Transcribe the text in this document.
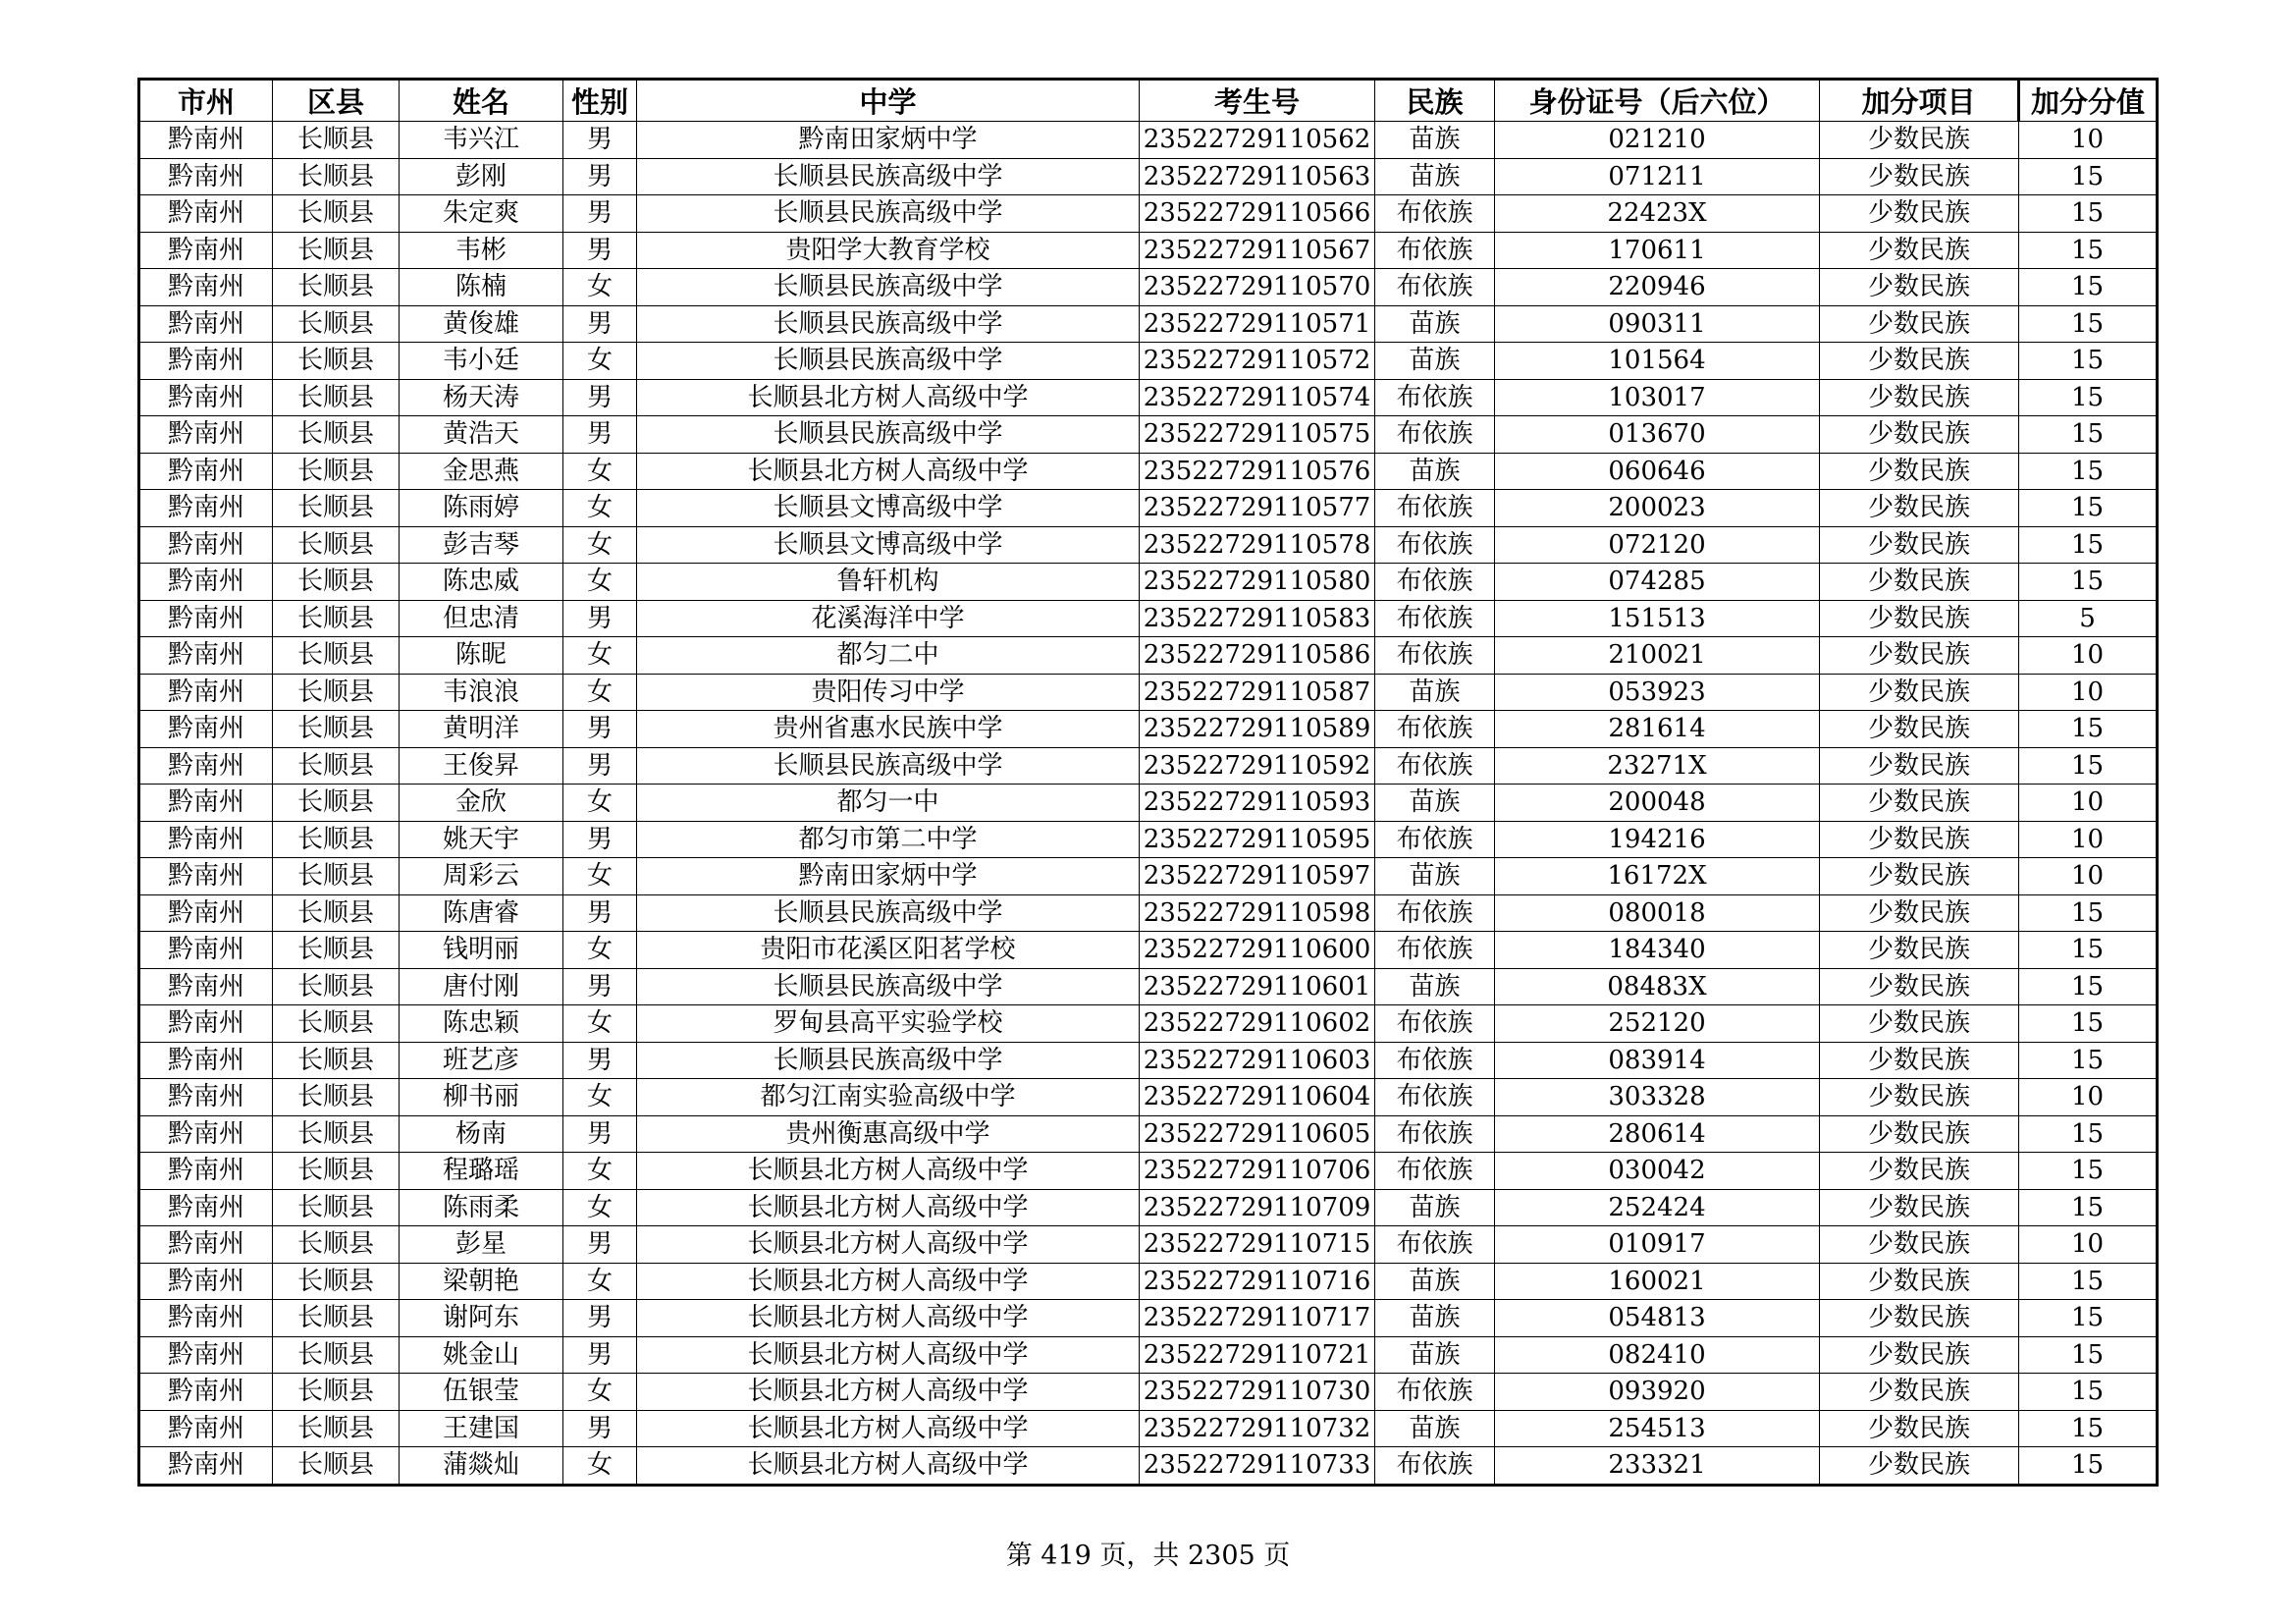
市州	区县	姓名	性别	中学	考生号	民族	身份证号（后六位）	加分项目	加分分值
黔南州	长顺县	韦兴江	男	黔南田家炳中学	23522729110562	苗族	021210	少数民族	10
黔南州	长顺县	彭刚	男	长顺县民族高级中学	23522729110563	苗族	071211	少数民族	15
黔南州	长顺县	朱定爽	男	长顺县民族高级中学	23522729110566	布依族	22423X	少数民族	15
黔南州	长顺县	韦彬	男	贵阳学大教育学校	23522729110567	布依族	170611	少数民族	15
黔南州	长顺县	陈楠	女	长顺县民族高级中学	23522729110570	布依族	220946	少数民族	15
黔南州	长顺县	黄俊雄	男	长顺县民族高级中学	23522729110571	苗族	090311	少数民族	15
黔南州	长顺县	韦小廷	女	长顺县民族高级中学	23522729110572	苗族	101564	少数民族	15
黔南州	长顺县	杨天涛	男	长顺县北方树人高级中学	23522729110574	布依族	103017	少数民族	15
黔南州	长顺县	黄浩天	男	长顺县民族高级中学	23522729110575	布依族	013670	少数民族	15
黔南州	长顺县	金思燕	女	长顺县北方树人高级中学	23522729110576	苗族	060646	少数民族	15
黔南州	长顺县	陈雨婷	女	长顺县文博高级中学	23522729110577	布依族	200023	少数民族	15
黔南州	长顺县	彭吉琴	女	长顺县文博高级中学	23522729110578	布依族	072120	少数民族	15
黔南州	长顺县	陈忠威	女	鲁轩机构	23522729110580	布依族	074285	少数民族	15
黔南州	长顺县	但忠清	男	花溪海洋中学	23522729110583	布依族	151513	少数民族	5
黔南州	长顺县	陈昵	女	都匀二中	23522729110586	布依族	210021	少数民族	10
黔南州	长顺县	韦浪浪	女	贵阳传习中学	23522729110587	苗族	053923	少数民族	10
黔南州	长顺县	黄明洋	男	贵州省惠水民族中学	23522729110589	布依族	281614	少数民族	15
黔南州	长顺县	王俊昇	男	长顺县民族高级中学	23522729110592	布依族	23271X	少数民族	15
黔南州	长顺县	金欣	女	都匀一中	23522729110593	苗族	200048	少数民族	10
黔南州	长顺县	姚天宇	男	都匀市第二中学	23522729110595	布依族	194216	少数民族	10
黔南州	长顺县	周彩云	女	黔南田家炳中学	23522729110597	苗族	16172X	少数民族	10
黔南州	长顺县	陈唐睿	男	长顺县民族高级中学	23522729110598	布依族	080018	少数民族	15
黔南州	长顺县	钱明丽	女	贵阳市花溪区阳茗学校	23522729110600	布依族	184340	少数民族	15
黔南州	长顺县	唐付刚	男	长顺县民族高级中学	23522729110601	苗族	08483X	少数民族	15
黔南州	长顺县	陈忠颖	女	罗甸县高平实验学校	23522729110602	布依族	252120	少数民族	15
黔南州	长顺县	班艺彦	男	长顺县民族高级中学	23522729110603	布依族	083914	少数民族	15
黔南州	长顺县	柳书丽	女	都匀江南实验高级中学	23522729110604	布依族	303328	少数民族	10
黔南州	长顺县	杨南	男	贵州衡惠高级中学	23522729110605	布依族	280614	少数民族	15
黔南州	长顺县	程璐瑶	女	长顺县北方树人高级中学	23522729110706	布依族	030042	少数民族	15
黔南州	长顺县	陈雨柔	女	长顺县北方树人高级中学	23522729110709	苗族	252424	少数民族	15
黔南州	长顺县	彭星	男	长顺县北方树人高级中学	23522729110715	布依族	010917	少数民族	10
黔南州	长顺县	梁朝艳	女	长顺县北方树人高级中学	23522729110716	苗族	160021	少数民族	15
黔南州	长顺县	谢阿东	男	长顺县北方树人高级中学	23522729110717	苗族	054813	少数民族	15
黔南州	长顺县	姚金山	男	长顺县北方树人高级中学	23522729110721	苗族	082410	少数民族	15
黔南州	长顺县	伍银莹	女	长顺县北方树人高级中学	23522729110730	布依族	093920	少数民族	15
黔南州	长顺县	王建国	男	长顺县北方树人高级中学	23522729110732	苗族	254513	少数民族	15
黔南州	长顺县	蒲燚灿	女	长顺县北方树人高级中学	23522729110733	布依族	233321	少数民族	15
第 419 页，共 2305 页
